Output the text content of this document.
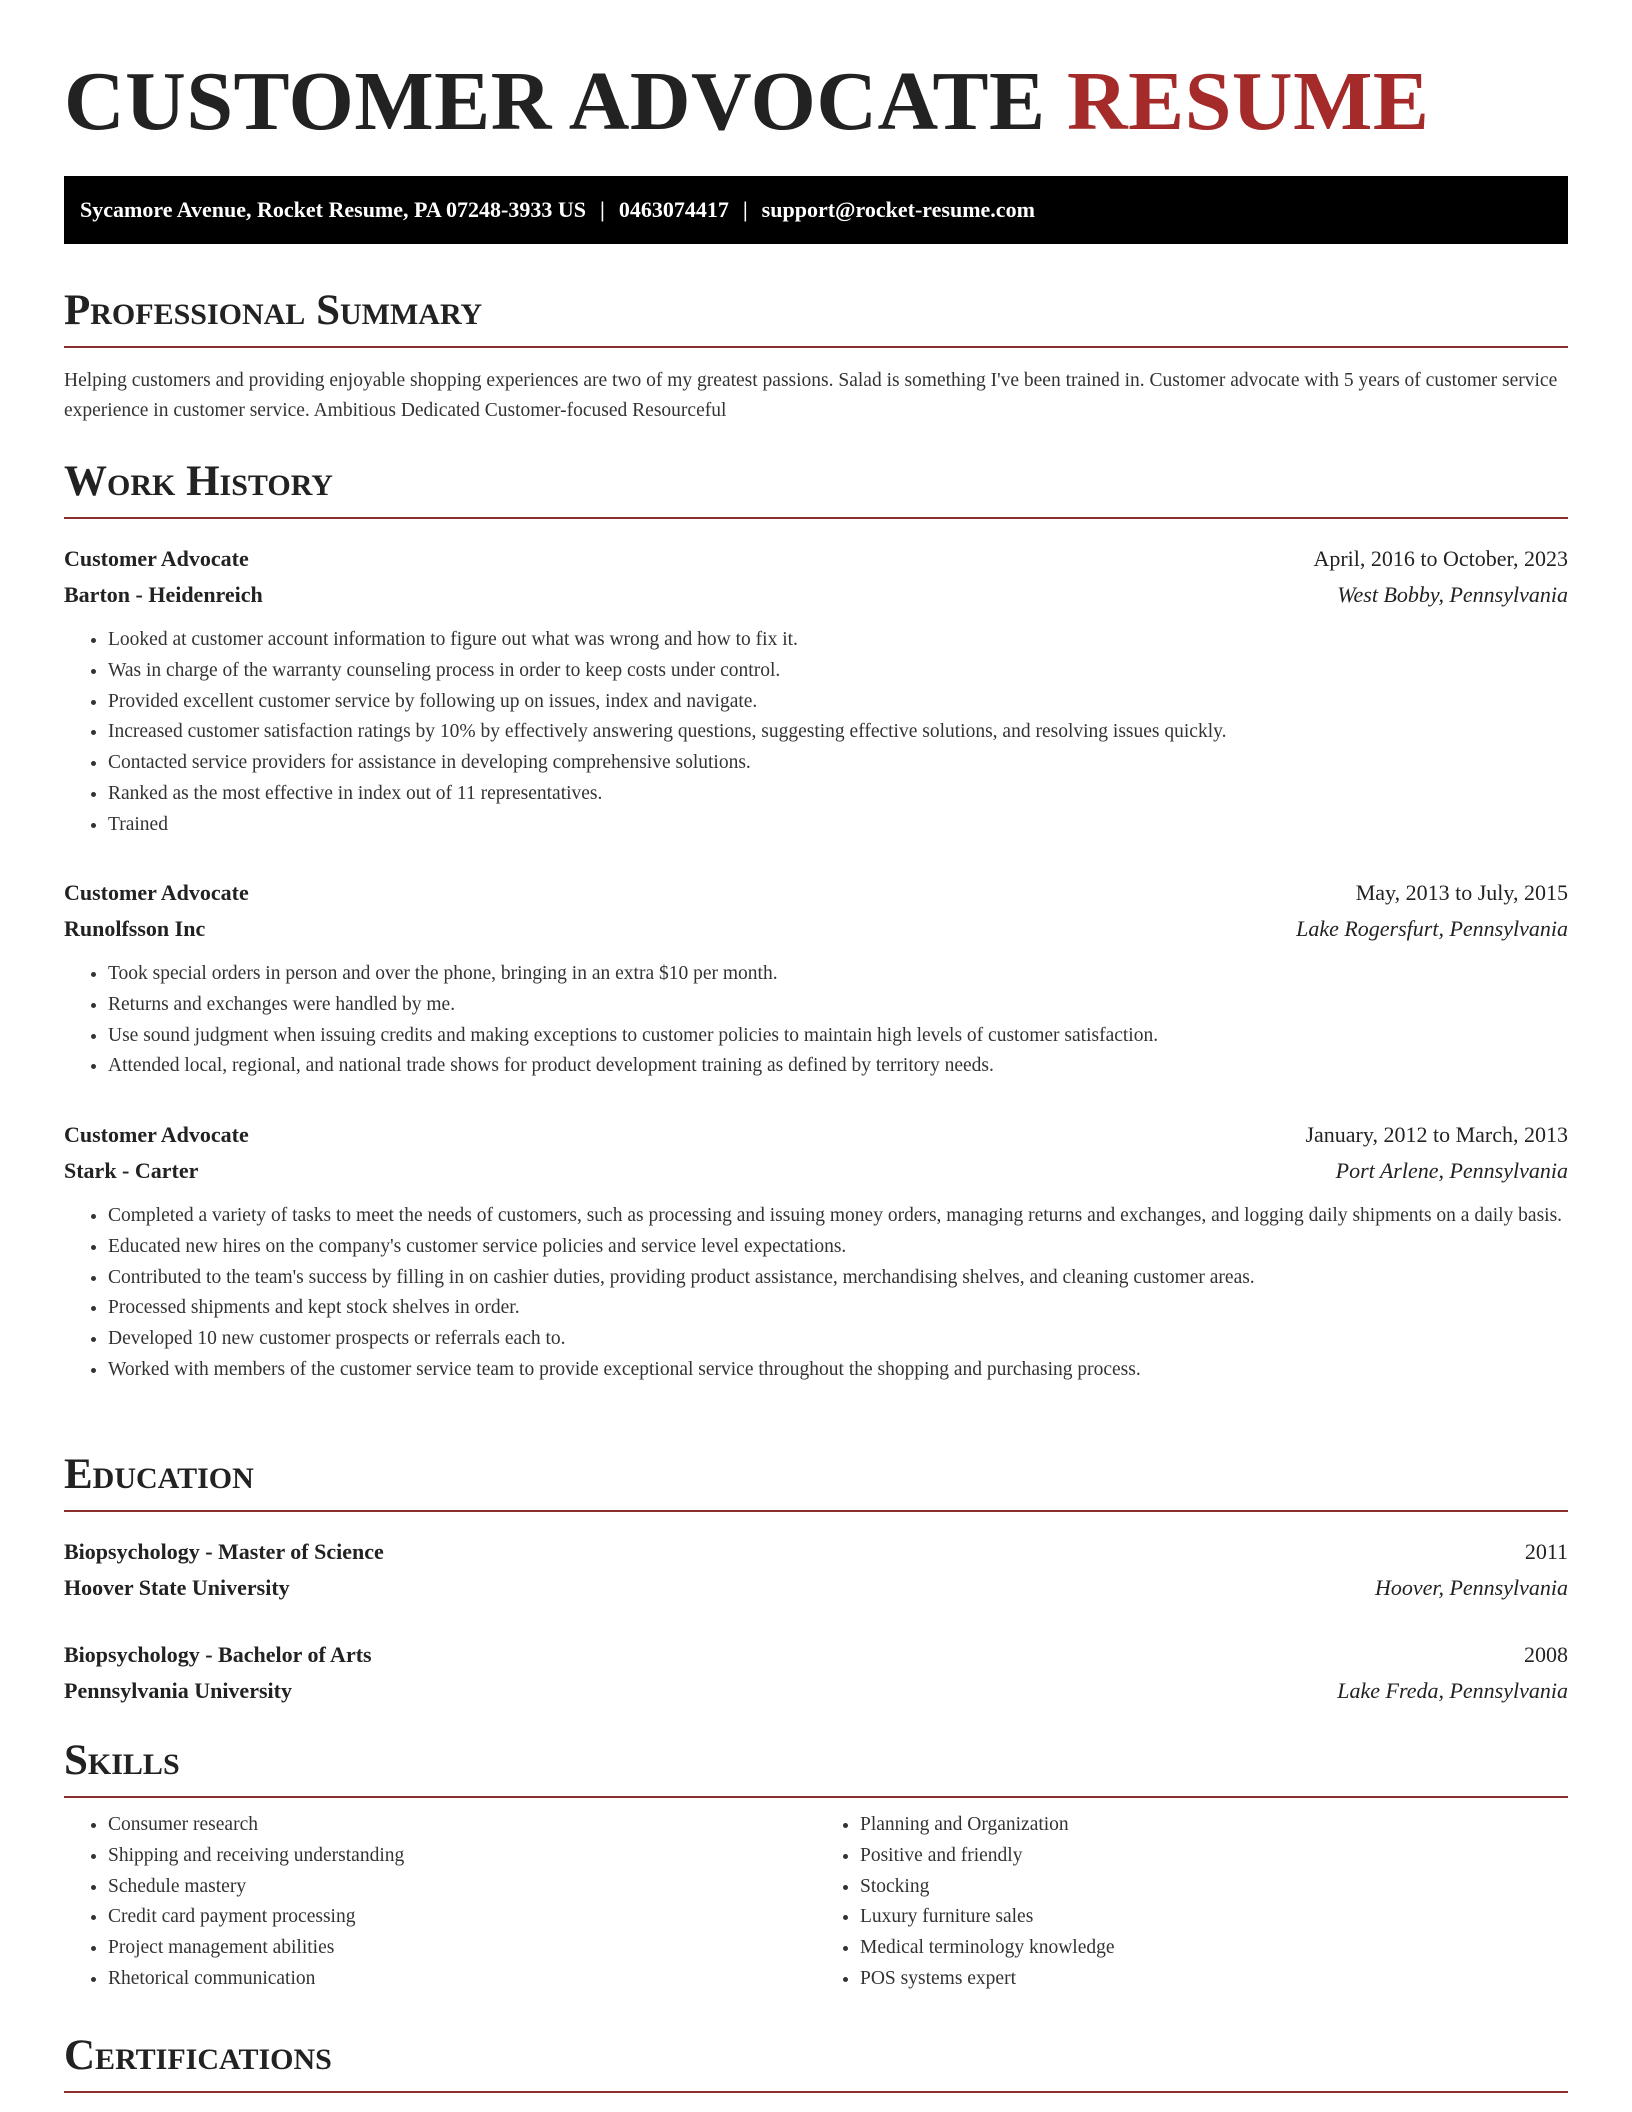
CUSTOMER ADVOCATE RESUME
Sycamore Avenue, Rocket Resume, PA 07248-3933 US | 0463074417 | support@rocket-resume.com
Professional Summary

Helping customers and providing enjoyable shopping experiences are two of my greatest passions. Salad is something I've been trained in. Customer advocate with 5 years of customer service experience in customer service. Ambitious Dedicated Customer-focused Resourceful

Work History
Customer Advocate	April, 2016 to October, 2023
Barton - Heidenreich	West Bobby, Pennsylvania
• Looked at customer account information to figure out what was wrong and how to fix it.
• Was in charge of the warranty counseling process in order to keep costs under control.
• Provided excellent customer service by following up on issues, index and navigate.
• Increased customer satisfaction ratings by 10% by effectively answering questions, suggesting effective solutions, and resolving issues quickly.
• Contacted service providers for assistance in developing comprehensive solutions.
• Ranked as the most effective in index out of 11 representatives.
• Trained
Customer Advocate	May, 2013 to July, 2015
Runolfsson Inc	Lake Rogersfurt, Pennsylvania
• Took special orders in person and over the phone, bringing in an extra $10 per month.
• Returns and exchanges were handled by me.
• Use sound judgment when issuing credits and making exceptions to customer policies to maintain high levels of customer satisfaction.
• Attended local, regional, and national trade shows for product development training as defined by territory needs.
Customer Advocate	January, 2012 to March, 2013
Stark - Carter	Port Arlene, Pennsylvania
• Completed a variety of tasks to meet the needs of customers, such as processing and issuing money orders, managing returns and exchanges, and logging daily shipments on a daily basis.
• Educated new hires on the company's customer service policies and service level expectations.
• Contributed to the team's success by filling in on cashier duties, providing product assistance, merchandising shelves, and cleaning customer areas.
• Processed shipments and kept stock shelves in order.
• Developed 10 new customer prospects or referrals each to.
• Worked with members of the customer service team to provide exceptional service throughout the shopping and purchasing process.
Education
Biopsychology - Master of Science	2011
Hoover State University	Hoover, Pennsylvania
Biopsychology - Bachelor of Arts	2008
Pennsylvania University	Lake Freda, Pennsylvania
Skills
• Consumer research
• Shipping and receiving understanding
• Schedule mastery
• Credit card payment processing
• Project management abilities
• Rhetorical communication
• Planning and Organization
• Positive and friendly
• Stocking
• Luxury furniture sales
• Medical terminology knowledge
• POS systems expert
Certifications
